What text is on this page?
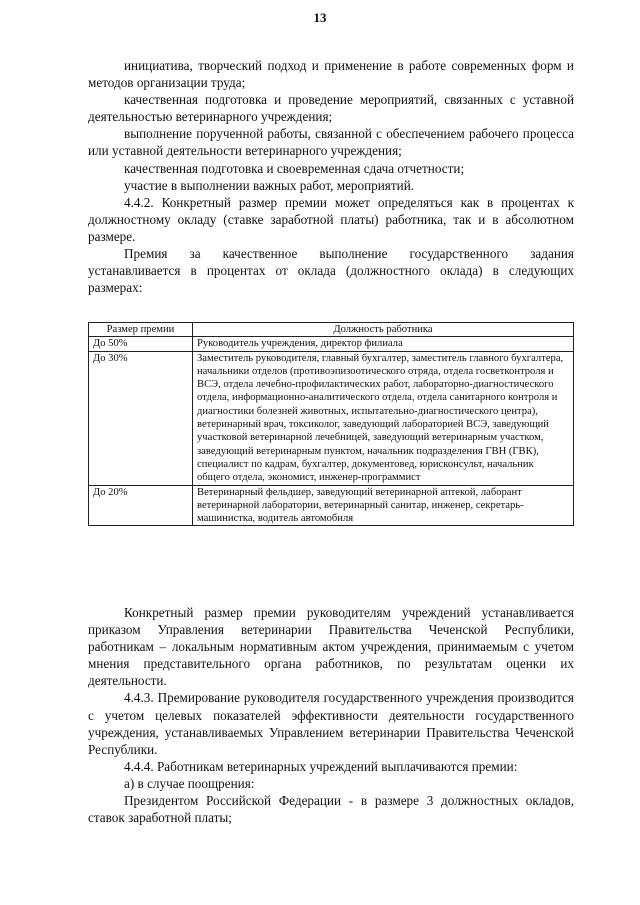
13

инициатива, творческий подход и применение в работе современных форм и методов организации труда;

качественная подготовка и проведение мероприятий, связанных с уставной деятельностью ветеринарного учреждения;

выполнение порученной работы, связанной с обеспечением рабочего процесса или уставной деятельности ветеринарного учреждения;

качественная подготовка и своевременная сдача отчетности;

участие в выполнении важных работ, мероприятий.

4.4.2. Конкретный размер премии может определяться как в процентах к должностному окладу (ставке заработной платы) работника, так и в абсолютном размере.

Премия за качественное выполнение государственного задания устанавливается в процентах от оклада (должностного оклада) в следующих размерах:

Размер премии	Должность работника
До 50%	Руководитель учреждения, директор филиала
До 30%	Заместитель руководителя, главный бухгалтер, заместитель главного бухгалтера, начальники отделов (противоэпизоотического отряда, отдела госветконтроля и ВСЭ, отдела лечебно-профилактических работ, лабораторно-диагностического отдела, информационно-аналитического отдела, отдела санитарного контроля и диагностики болезней животных, испытательно-диагностического центра), ветеринарный врач, токсиколог, заведующий лабораторией ВСЭ, заведующий участковой ветеринарной лечебницей, заведующий ветеринарным участком, заведующий ветеринарным пунктом, начальник подразделения ГВН (ГВК), специалист по кадрам, бухгалтер, документовед, юрисконсульт, начальник общего отдела, экономист, инженер-программист
До 20%	Ветеринарный фельдшер, заведующий ветеринарной аптекой, лаборант ветеринарной лаборатории, ветеринарный санитар, инженер, секретарь-машинистка, водитель автомобиля

Конкретный размер премии руководителям учреждений устанавливается приказом Управления ветеринарии Правительства Чеченской Республики, работникам – локальным нормативным актом учреждения, принимаемым с учетом мнения представительного органа работников, по результатам оценки их деятельности.

4.4.3. Премирование руководителя государственного учреждения производится с учетом целевых показателей эффективности деятельности государственного учреждения, устанавливаемых Управлением ветеринарии Правительства Чеченской Республики.

4.4.4. Работникам ветеринарных учреждений выплачиваются премии:

а) в случае поощрения:

Президентом Российской Федерации - в размере 3 должностных окладов, ставок заработной платы;
